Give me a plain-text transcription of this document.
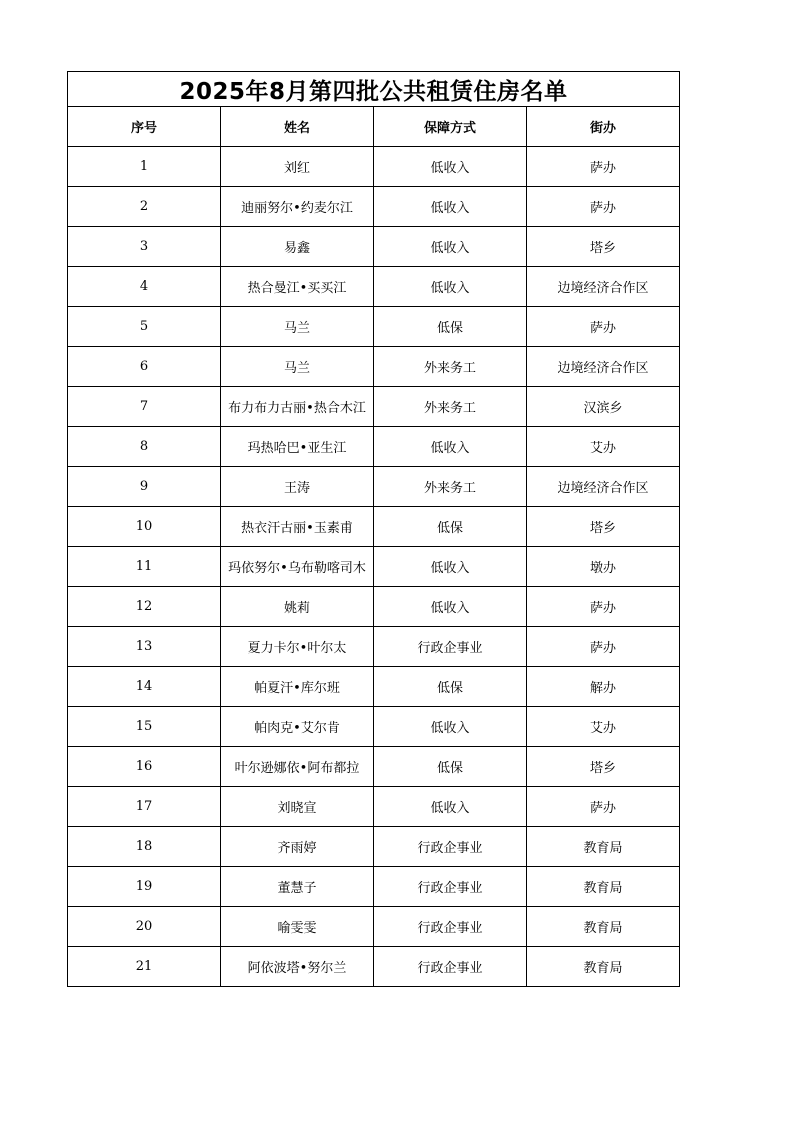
2025年8月第四批公共租赁住房名单			
序号	姓名	保障方式	街办
1	刘红	低收入	萨办
2	迪丽努尔•约麦尔江	低收入	萨办
3	易鑫	低收入	塔乡
4	热合曼江•买买江	低收入	边境经济合作区
5	马兰	低保	萨办
6	马兰	外来务工	边境经济合作区
7	布力布力古丽•热合木江	外来务工	汉滨乡
8	玛热哈巴•亚生江	低收入	艾办
9	王涛	外来务工	边境经济合作区
10	热衣汗古丽•玉素甫	低保	塔乡
11	玛依努尔•乌布勒喀司木	低收入	墩办
12	姚莉	低收入	萨办
13	夏力卡尔•叶尔太	行政企事业	萨办
14	帕夏汗•库尔班	低保	解办
15	帕肉克•艾尔肯	低收入	艾办
16	叶尔逊娜依•阿布都拉	低保	塔乡
17	刘晓宣	低收入	萨办
18	齐雨婷	行政企事业	教育局
19	董慧子	行政企事业	教育局
20	喻雯雯	行政企事业	教育局
21	阿依波塔•努尔兰	行政企事业	教育局
